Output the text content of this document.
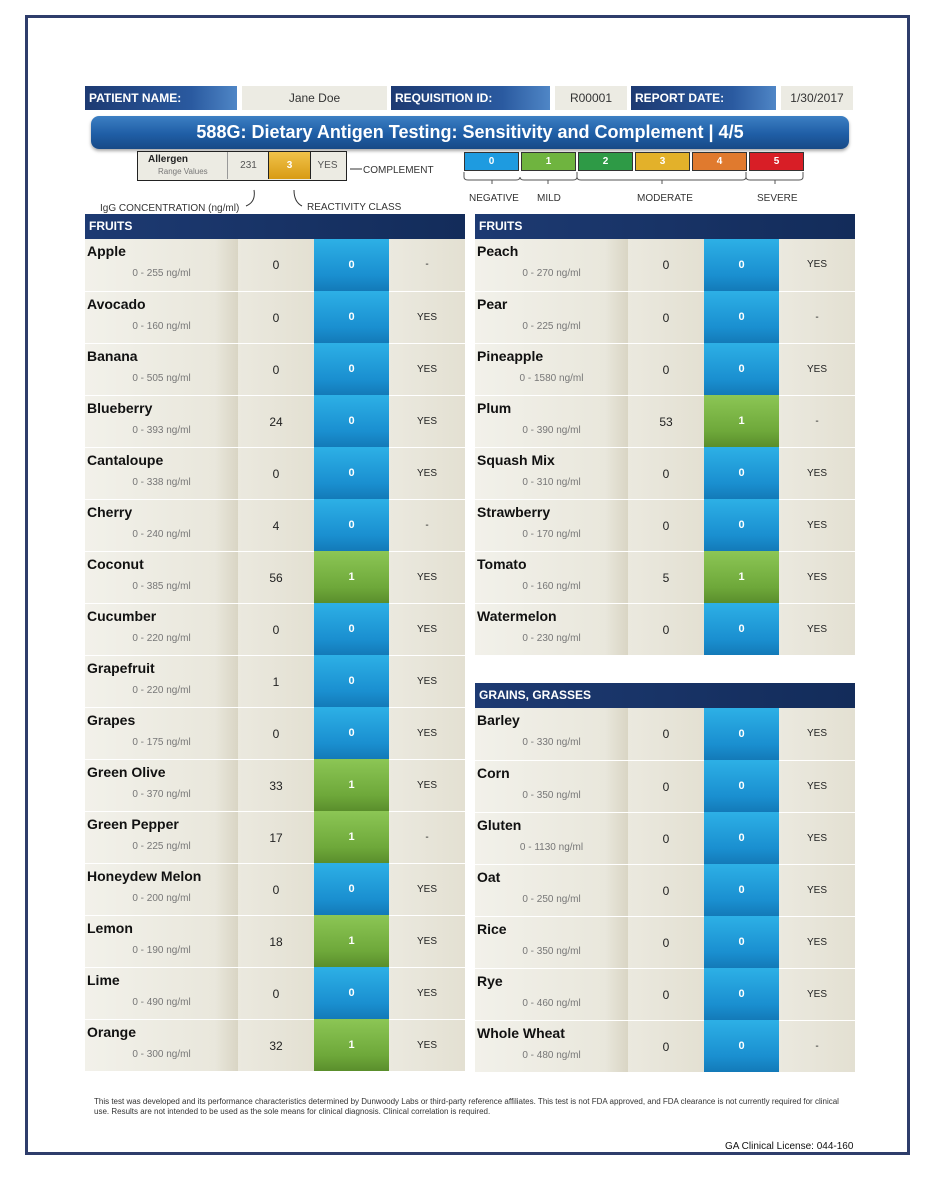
PATIENT NAME:	Jane Doe	REQUISITION ID:	R00001	REPORT DATE:	1/30/2017
588G: Dietary Antigen Testing: Sensitivity and Complement | 4/5
Allergen
Range Values
231	3	YES	COMPLEMENT
IgG CONCENTRATION (ng/ml)	REACTIVITY CLASS
0	1	2	3	4	5
NEGATIVE MILD	MODERATE	SEVERE
FRUITS
Apple
0 - 255 ng/ml
0	0	-
Avocado
0 - 160 ng/ml
0	0	YES
Banana
0 - 505 ng/ml
0	0	YES
Blueberry
0 - 393 ng/ml
24	0	YES
Cantaloupe
0 - 338 ng/ml
0	0	YES
Cherry
0 - 240 ng/ml
4	0	-
Coconut
0 - 385 ng/ml
56	1	YES
Cucumber
0 - 220 ng/ml
0	0	YES
Grapefruit
0 - 220 ng/ml
1	0	YES
Grapes
0 - 175 ng/ml
0	0	YES
Green Olive
0 - 370 ng/ml
33	1	YES
Green Pepper
0 - 225 ng/ml
17	1	-
Honeydew Melon
0 - 200 ng/ml
0	0	YES
Lemon
0 - 190 ng/ml
18	1	YES
Lime
0 - 490 ng/ml
0	0	YES
Orange
0 - 300 ng/ml
32	1	YES
FRUITS
Peach
0 - 270 ng/ml
0	0	YES
Pear
0 - 225 ng/ml
0	0	-
Pineapple
0 - 1580 ng/ml
0	0	YES
Plum
0 - 390 ng/ml
53	1	-
Squash Mix
0 - 310 ng/ml
0	0	YES
Strawberry
0 - 170 ng/ml
0	0	YES
Tomato
0 - 160 ng/ml
5	1	YES
Watermelon
0 - 230 ng/ml
0	0	YES
GRAINS, GRASSES
Barley
0 - 330 ng/ml
0	0	YES
Corn
0 - 350 ng/ml
0	0	YES
Gluten
0 - 1130 ng/ml
0	0	YES
Oat
0 - 250 ng/ml
0	0	YES
Rice
0 - 350 ng/ml
0	0	YES
Rye
0 - 460 ng/ml
0	0	YES
Whole Wheat
0 - 480 ng/ml
0	0	-
This test was developed and its performance characteristics determined by Dunwoody Labs or third-party reference affiliates. This test is not FDA approved, and FDA clearance is not currently required for clinical use. Results are not intended to be used as the sole means for clinical diagnosis. Clinical correlation is required.
GA Clinical License: 044-160
